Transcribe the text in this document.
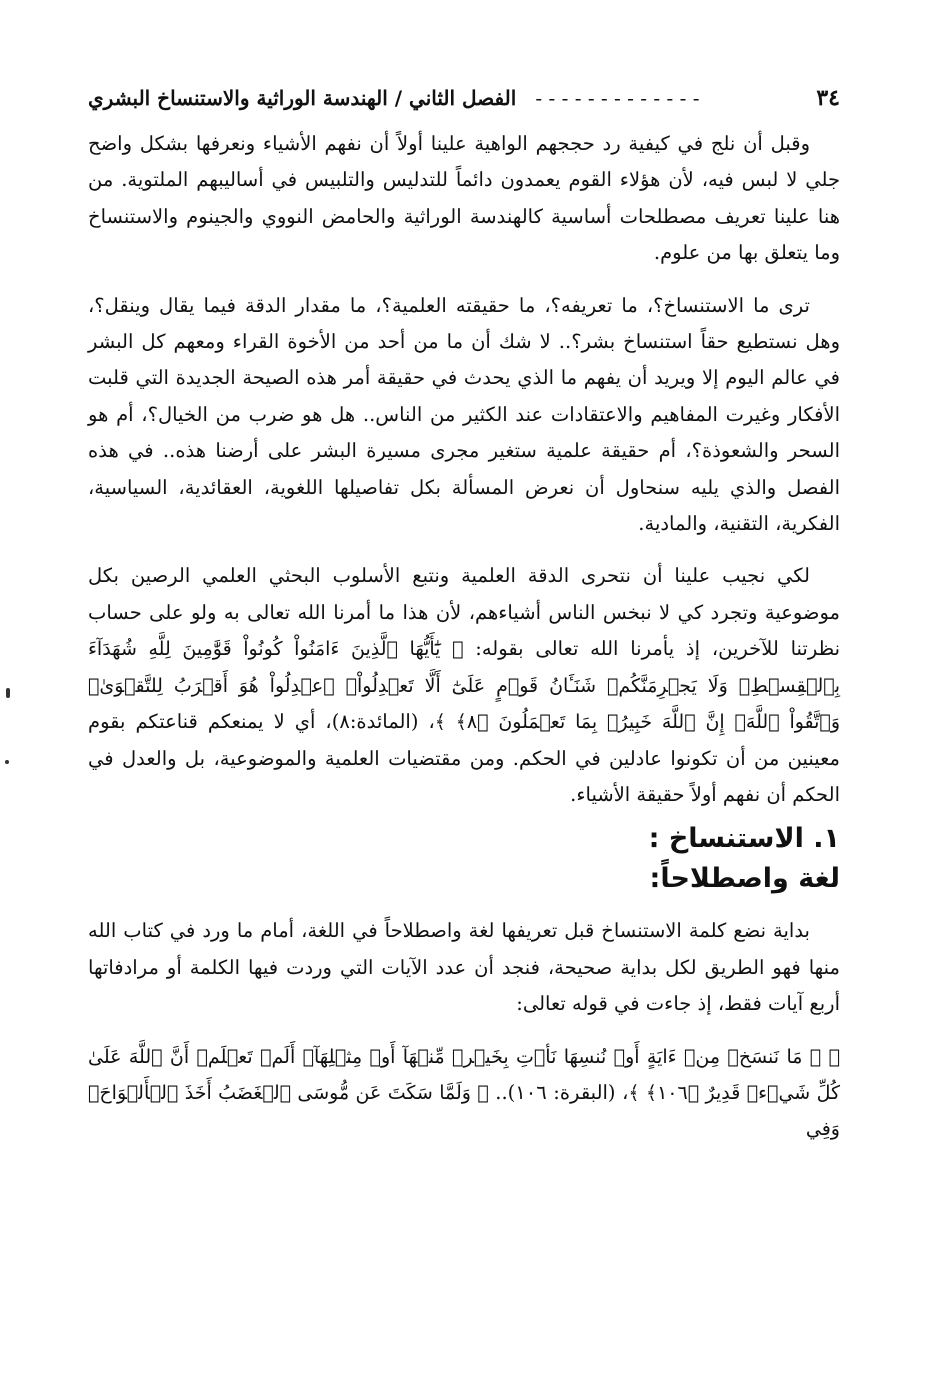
٣٤
- - - - - - - - - - - - -   الفصل الثاني / الهندسة الوراثية والاستنساخ البشري

وقبل أن نلج في كيفية رد حججهم الواهية علينا أولاً أن نفهم الأشياء ونعرفها بشكل واضح جلي لا لبس فيه، لأن هؤلاء القوم يعمدون دائماً للتدليس والتلبيس في أساليبهم الملتوية. من هنا علينا تعريف مصطلحات أساسية كالهندسة الوراثية والحامض النووي والجينوم والاستنساخ وما يتعلق بها من علوم.

ترى ما الاستنساخ؟، ما تعريفه؟، ما حقيقته العلمية؟، ما مقدار الدقة فيما يقال وينقل؟، وهل نستطيع حقاً استنساخ بشر؟.. لا شك أن ما من أحد من الأخوة القراء ومعهم كل البشر في عالم اليوم إلا ويريد أن يفهم ما الذي يحدث في حقيقة أمر هذه الصيحة الجديدة التي قلبت الأفكار وغيرت المفاهيم والاعتقادات عند الكثير من الناس.. هل هو ضرب من الخيال؟، أم هو السحر والشعوذة؟، أم حقيقة علمية ستغير مجرى مسيرة البشر على أرضنا هذه.. في هذه الفصل والذي يليه سنحاول أن نعرض المسألة بكل تفاصيلها اللغوية، العقائدية، السياسية، الفكرية، التقنية، والمادية.

لكي نجيب علينا أن نتحرى الدقة العلمية ونتبع الأسلوب البحثي العلمي الرصين بكل موضوعية وتجرد كي لا نبخس الناس أشياءهم، لأن هذا ما أمرنا الله تعالى به ولو على حساب نظرتنا للآخرين، إذ يأمرنا الله تعالى بقوله: ﴿ يَٰٓأَيُّهَا ٱلَّذِينَ ءَامَنُواْ كُونُواْ قَوَّٰمِينَ لِلَّهِ شُهَدَآءَ بِٱلۡقِسۡطِۖ وَلَا يَجۡرِمَنَّكُمۡ شَنَـَٔانُ قَوۡمٍ عَلَىٰٓ أَلَّا تَعۡدِلُواْۚ ٱعۡدِلُواْ هُوَ أَقۡرَبُ لِلتَّقۡوَىٰۖ وَٱتَّقُواْ ٱللَّهَۚ إِنَّ ٱللَّهَ خَبِيرُۢ بِمَا تَعۡمَلُونَ ﴿٨﴾ ﴾، (المائدة:٨)، أي لا يمنعكم قناعتكم بقوم معينين من أن تكونوا عادلين في الحكم. ومن مقتضيات العلمية والموضوعية، بل والعدل في الحكم أن نفهم أولاً حقيقة الأشياء.

١. الاستنساخ :
لغة واصطلاحاً:

بداية نضع كلمة الاستنساخ قبل تعريفها لغة واصطلاحاً في اللغة، أمام ما ورد في كتاب الله منها فهو الطريق لكل بداية صحيحة، فنجد أن عدد الآيات التي وردت فيها الكلمة أو مرادفاتها أربع آيات فقط، إذ جاءت في قوله تعالى:

﴿ ۞ مَا نَنسَخۡ مِنۡ ءَايَةٍ أَوۡ نُنسِهَا نَأۡتِ بِخَيۡرٖ مِّنۡهَآ أَوۡ مِثۡلِهَآۗ أَلَمۡ تَعۡلَمۡ أَنَّ ٱللَّهَ عَلَىٰ كُلِّ شَيۡءٖ قَدِيرٌ ﴿١٠٦﴾ ﴾، (البقرة: ١٠٦).. ﴿ وَلَمَّا سَكَتَ عَن مُّوسَى ٱلۡغَضَبُ أَخَذَ ٱلۡأَلۡوَاحَۖ وَفِي
